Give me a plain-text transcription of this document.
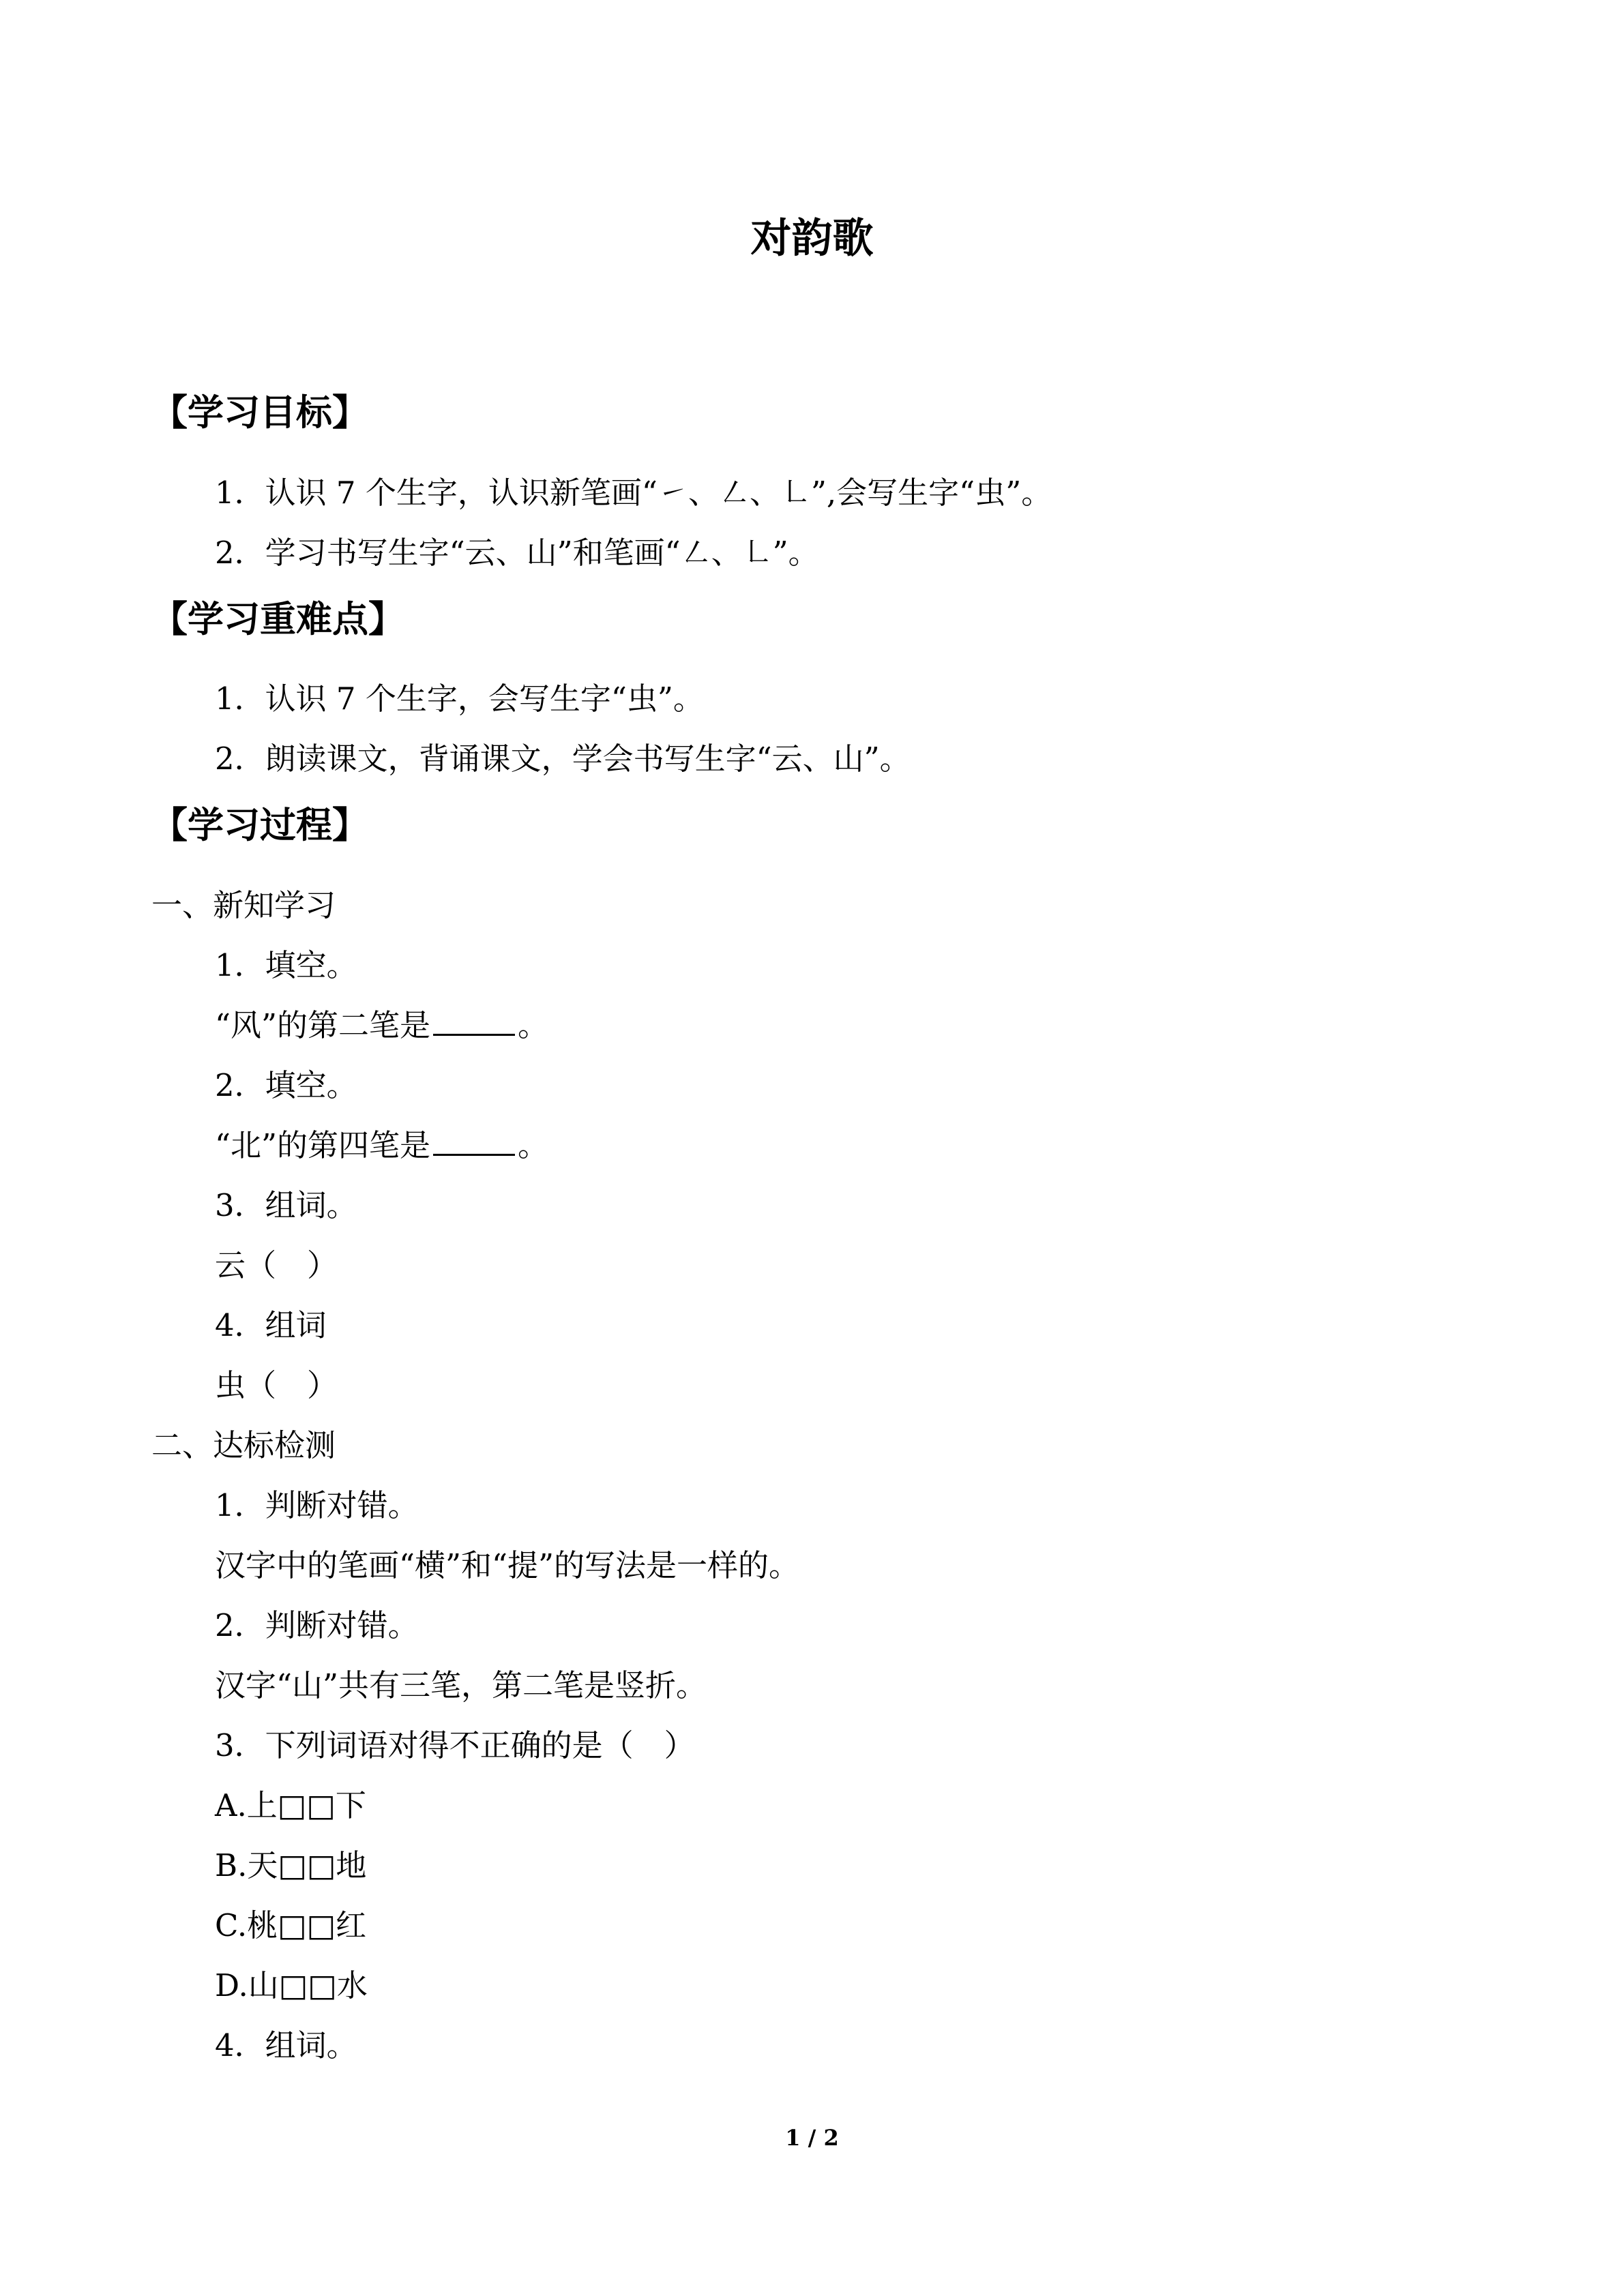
对韵歌
【学习目标】
1．认识 7 个生字，认识新笔画“㇀、㇜、㇗”,会写生字“虫”。
2．学习书写生字“云、山”和笔画“㇜、㇗”。
【学习重难点】
1．认识 7 个生字，会写生字“虫”。
2．朗读课文，背诵课文，学会书写生字“云、山”。
【学习过程】
一、新知学习
1．填空。
“风”的第二笔是	。
2．填空。
“北”的第四笔是	。
3．组词。
云（　）
4．组词
虫（　）
二、达标检测
1．判断对错。
汉字中的笔画“横”和“提”的写法是一样的。
2．判断对错。
汉字“山”共有三笔，第二笔是竖折。
3．下列词语对得不正确的是（　）
A.上□□下
B.天□□地
C.桃□□红
D.山□□水
4．组词。
1 / 2
